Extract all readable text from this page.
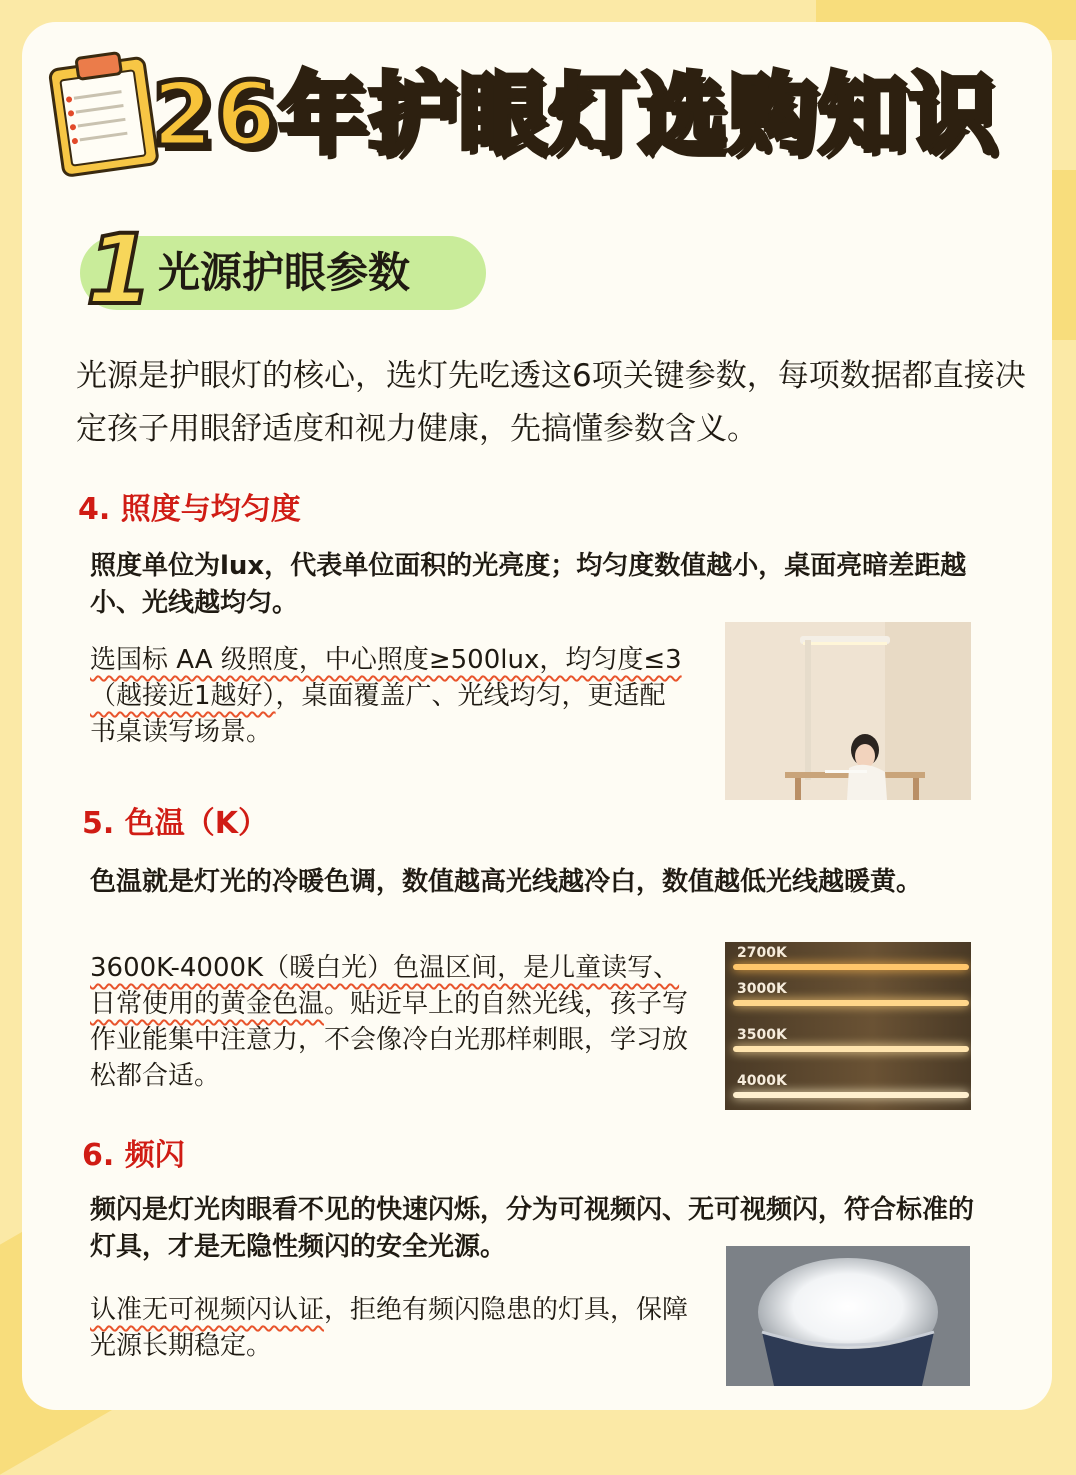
26年护眼灯选购知识
1 光源护眼参数
光源是护眼灯的核心，选灯先吃透这6项关键参数，每项数据都直接决定孩子用眼舒适度和视力健康，先搞懂参数含义。
4. 照度与均匀度
照度单位为lux，代表单位面积的光亮度；均匀度数值越小，桌面亮暗差距越小、光线越均匀。
选国标 AA 级照度，中心照度≥500lux，均匀度≤3（越接近1越好），桌面覆盖广、光线均匀，更适配书桌读写场景。
5. 色温（K）
色温就是灯光的冷暖色调，数值越高光线越冷白，数值越低光线越暖黄。
3600K-4000K（暖白光）色温区间，是儿童读写、日常使用的黄金色温。贴近早上的自然光线，孩子写作业能集中注意力，不会像冷白光那样刺眼，学习放松都合适。
2700K
3000K
3500K
4000K
6. 频闪
频闪是灯光肉眼看不见的快速闪烁，分为可视频闪、无可视频闪，符合标准的灯具，才是无隐性频闪的安全光源。
认准无可视频闪认证，拒绝有频闪隐患的灯具，保障光源长期稳定。
